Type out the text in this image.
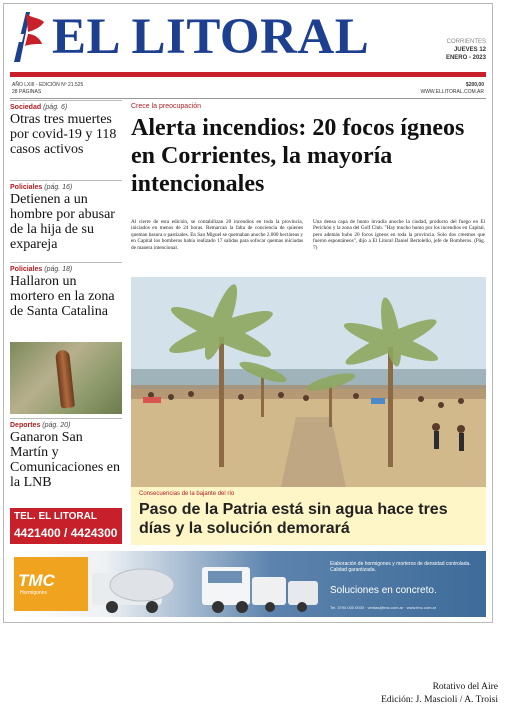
EL LITORAL	CORRIENTES
JUEVES 12
ENERO - 2023
AÑO LXIII - EDICIÓN Nº 21.525
28 PÁGINAS
$200,00
WWW.ELLITORAL.COM.AR
Sociedad (pág. 6)
Otras tres muertes por covid-19 y 118 casos activos
Policiales (pág. 16)
Detienen a un hombre por abusar de la hija de su expareja
Policiales (pág. 18)
Hallaron un mortero en la zona de Santa Catalina
Deportes (pág. 20)
Ganaron San Martín y Comunicaciones en la LNB
TEL. EL LITORAL
4421400 / 4424300
Crece la preocupación
Alerta incendios: 20 focos ígneos en Corrientes, la mayoría intencionales
Al cierre de esta edición, se contabilizan 20 incendios en toda la provincia, iniciados en menos de 24 horas. Remarcan la falta de conciencia de quienes queman basura o pastizales. En San Miguel se quemaban anoche 2.000 hectáreas y en Capital los bomberos había realizado 17 salidas para sofocar quemas iniciadas de manera intencional.
Una densa capa de humo invadía anoche la ciudad, producto del fuego en El Perichón y la zona del Golf Club. "Hay mucho humo por los incendios en Capital, pero además hubo 20 focos ígneos en toda la provincia. Solo dos creemos que fueron espontáneos", dijo a El Litoral Daniel Bertolello, jefe de Bomberos. (Pág. 7)
Consecuencias de la bajante del río
Paso de la Patria está sin agua hace tres días y la solución demorará
TMC
Hormigones
Elaboración de hormigones y morteros de densidad controlada. Calidad garantizada.
Soluciones en concreto.
Tel. 3794 000 0000 · ventas@tmc.com.ar · www.tmc.com.ar
Rotativo del Aire
Edición: J. Mascioli / A. Troisi
